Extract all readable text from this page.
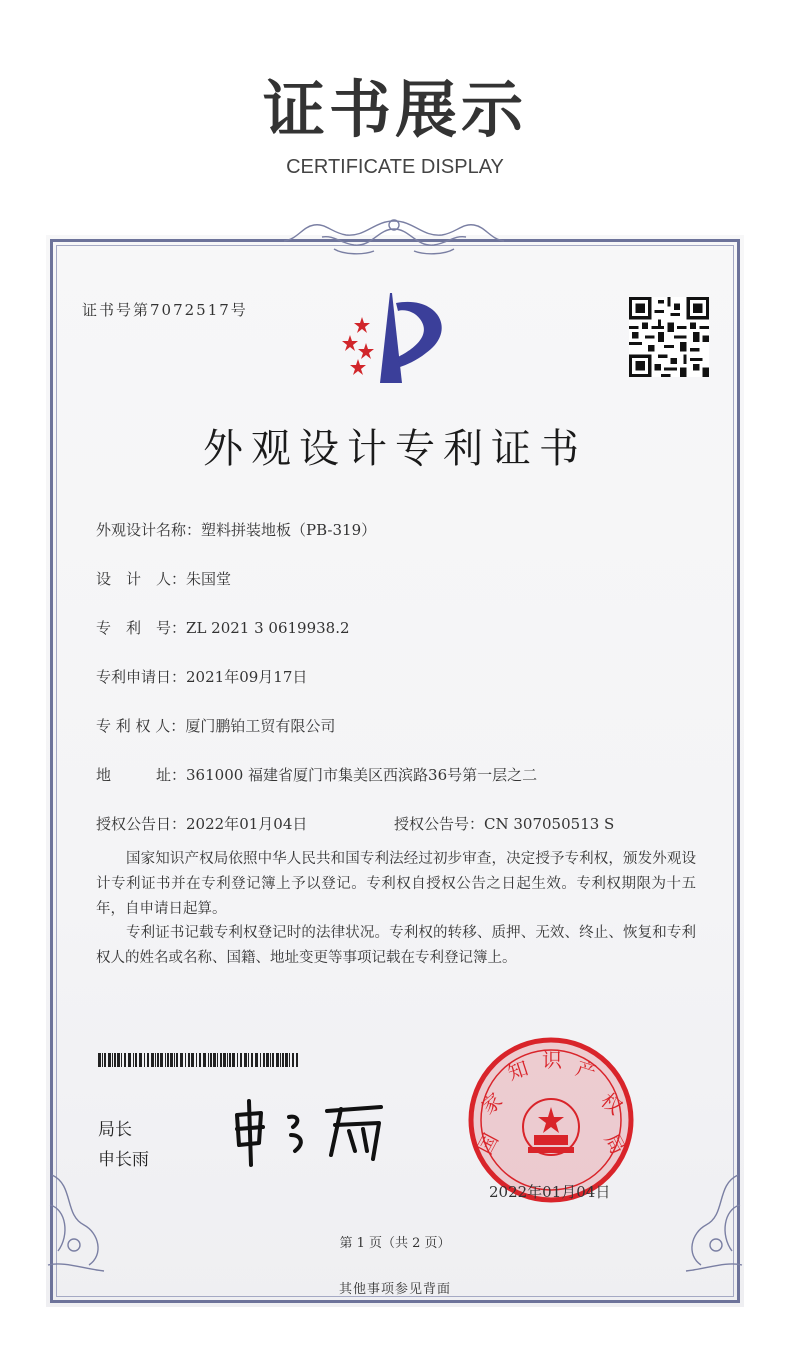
证书展示
CERTIFICATE DISPLAY
证书号第7072517号
外观设计专利证书
外观设计名称：塑料拼装地板（PB-319）
设　计　人：朱国堂
专　利　号：ZL 2021 3 0619938.2
专利申请日：2021年09月17日
专 利 权 人：厦门鹏铂工贸有限公司
地　　　址：361000 福建省厦门市集美区西滨路36号第一层之二
授权公告日：2022年01月04日	授权公告号：CN 307050513 S
国家知识产权局依照中华人民共和国专利法经过初步审查，决定授予专利权，颁发外观设计专利证书并在专利登记簿上予以登记。专利权自授权公告之日起生效。专利权期限为十五年，自申请日起算。
专利证书记载专利权登记时的法律状况。专利权的转移、质押、无效、终止、恢复和专利权人的姓名或名称、国籍、地址变更等事项记载在专利登记簿上。
局长
申长雨
国
家
知 识 产
权
局
2022年01月04日
第 1 页（共 2 页）
其他事项参见背面
